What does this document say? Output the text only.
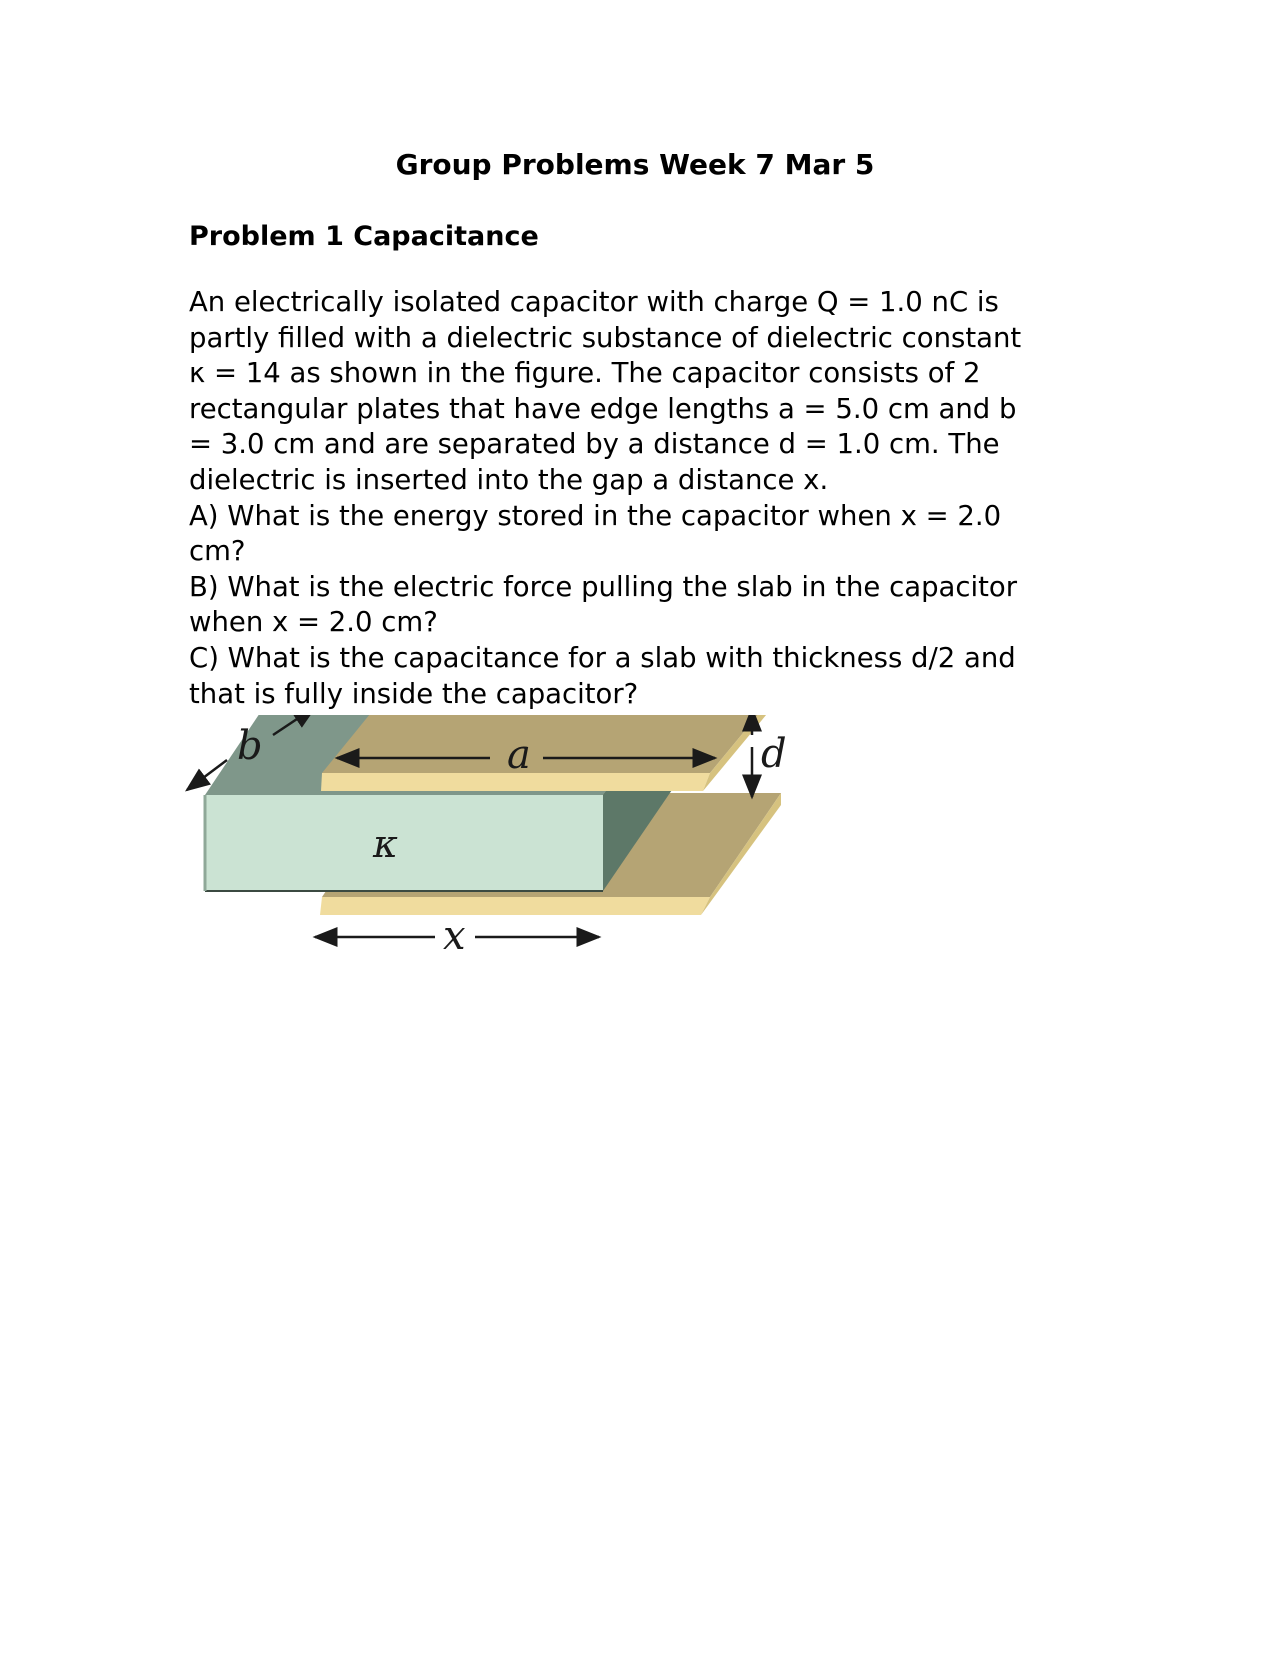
Group Problems Week 7 Mar 5
Problem 1 Capacitance

An electrically isolated capacitor with charge Q = 1.0 nC is

partly filled with a dielectric substance of dielectric constant

κ = 14 as shown in the figure. The capacitor consists of 2

rectangular plates that have edge lengths a = 5.0 cm and b

= 3.0 cm and are separated by a distance d = 1.0 cm. The

dielectric is inserted into the gap a distance x.

A) What is the energy stored in the capacitor when x = 2.0

cm?

B) What is the electric force pulling the slab in the capacitor

when x = 2.0 cm?

C) What is the capacitance for a slab with thickness d/2 and

that is fully inside the capacitor?

b	a	d
κ
x
